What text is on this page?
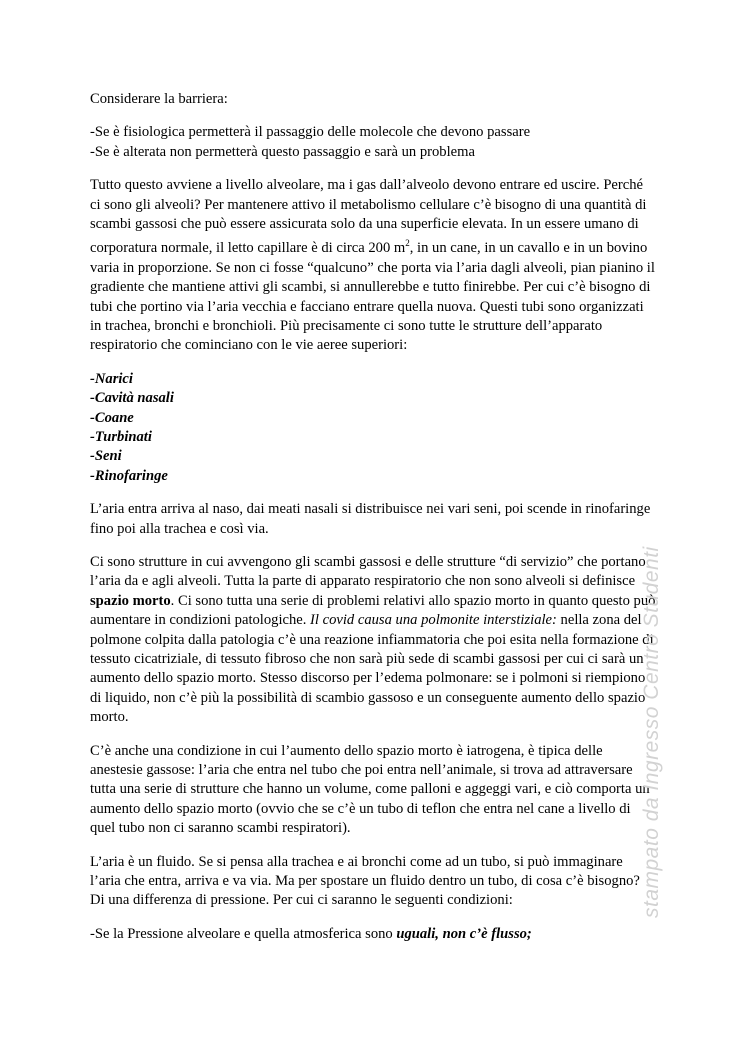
Considerare la barriera:

-Se è fisiologica permetterà il passaggio delle molecole che devono passare

-Se è alterata non permetterà questo passaggio e sarà un problema

Tutto questo avviene a livello alveolare, ma i gas dall’alveolo devono entrare ed uscire. Perché ci sono gli alveoli? Per mantenere attivo il metabolismo cellulare c’è bisogno di una quantità di scambi gassosi che può essere assicurata solo da una superficie elevata. In un essere umano di corporatura normale, il letto capillare è di circa 200 $m^2$, in un cane, in un cavallo e in un bovino varia in proporzione. Se non ci fosse “qualcuno” che porta via l’aria dagli alveoli, pian pianino il gradiente che mantiene attivi gli scambi, si annullerebbe e tutto finirebbe. Per cui c’è bisogno di tubi che portino via l’aria vecchia e facciano entrare quella nuova. Questi tubi sono organizzati in trachea, bronchi e bronchioli. Più precisamente ci sono tutte le strutture dell’apparato respiratorio che cominciano con le vie aeree superiori:

-Narici

-Cavità nasali

-Coane

-Turbinati

-Seni

-Rinofaringe

L’aria entra arriva al naso, dai meati nasali si distribuisce nei vari seni, poi scende in rinofaringe fino poi alla trachea e così via.

Ci sono strutture in cui avvengono gli scambi gassosi e delle strutture “di servizio” che portano l’aria da e agli alveoli. Tutta la parte di apparato respiratorio che non sono alveoli si definisce spazio morto. Ci sono tutta una serie di problemi relativi allo spazio morto in quanto questo può aumentare in condizioni patologiche. Il covid causa una polmonite interstiziale: nella zona del polmone colpita dalla patologia c’è una reazione infiammatoria che poi esita nella formazione di tessuto cicatriziale, di tessuto fibroso che non sarà più sede di scambi gassosi per cui ci sarà un aumento dello spazio morto. Stesso discorso per l’edema polmonare: se i polmoni si riempiono di liquido, non c’è più la possibilità di scambio gassoso e un conseguente aumento dello spazio morto.

C’è anche una condizione in cui l’aumento dello spazio morto è iatrogena, è tipica delle anestesie gassose: l’aria che entra nel tubo che poi entra nell’animale, si trova ad attraversare tutta una serie di strutture che hanno un volume, come palloni e aggeggi vari, e ciò comporta un aumento dello spazio morto (ovvio che se c’è un tubo di teflon che entra nel cane a livello di quel tubo non ci saranno scambi respiratori).

L’aria è un fluido. Se si pensa alla trachea e ai bronchi come ad un tubo, si può immaginare l’aria che entra, arriva e va via. Ma per spostare un fluido dentro un tubo, di cosa c’è bisogno? Di una differenza di pressione. Per cui ci saranno le seguenti condizioni:

-Se la Pressione alveolare e quella atmosferica sono uguali, non c’è flusso;

stampato da Ingresso Centro Studenti
